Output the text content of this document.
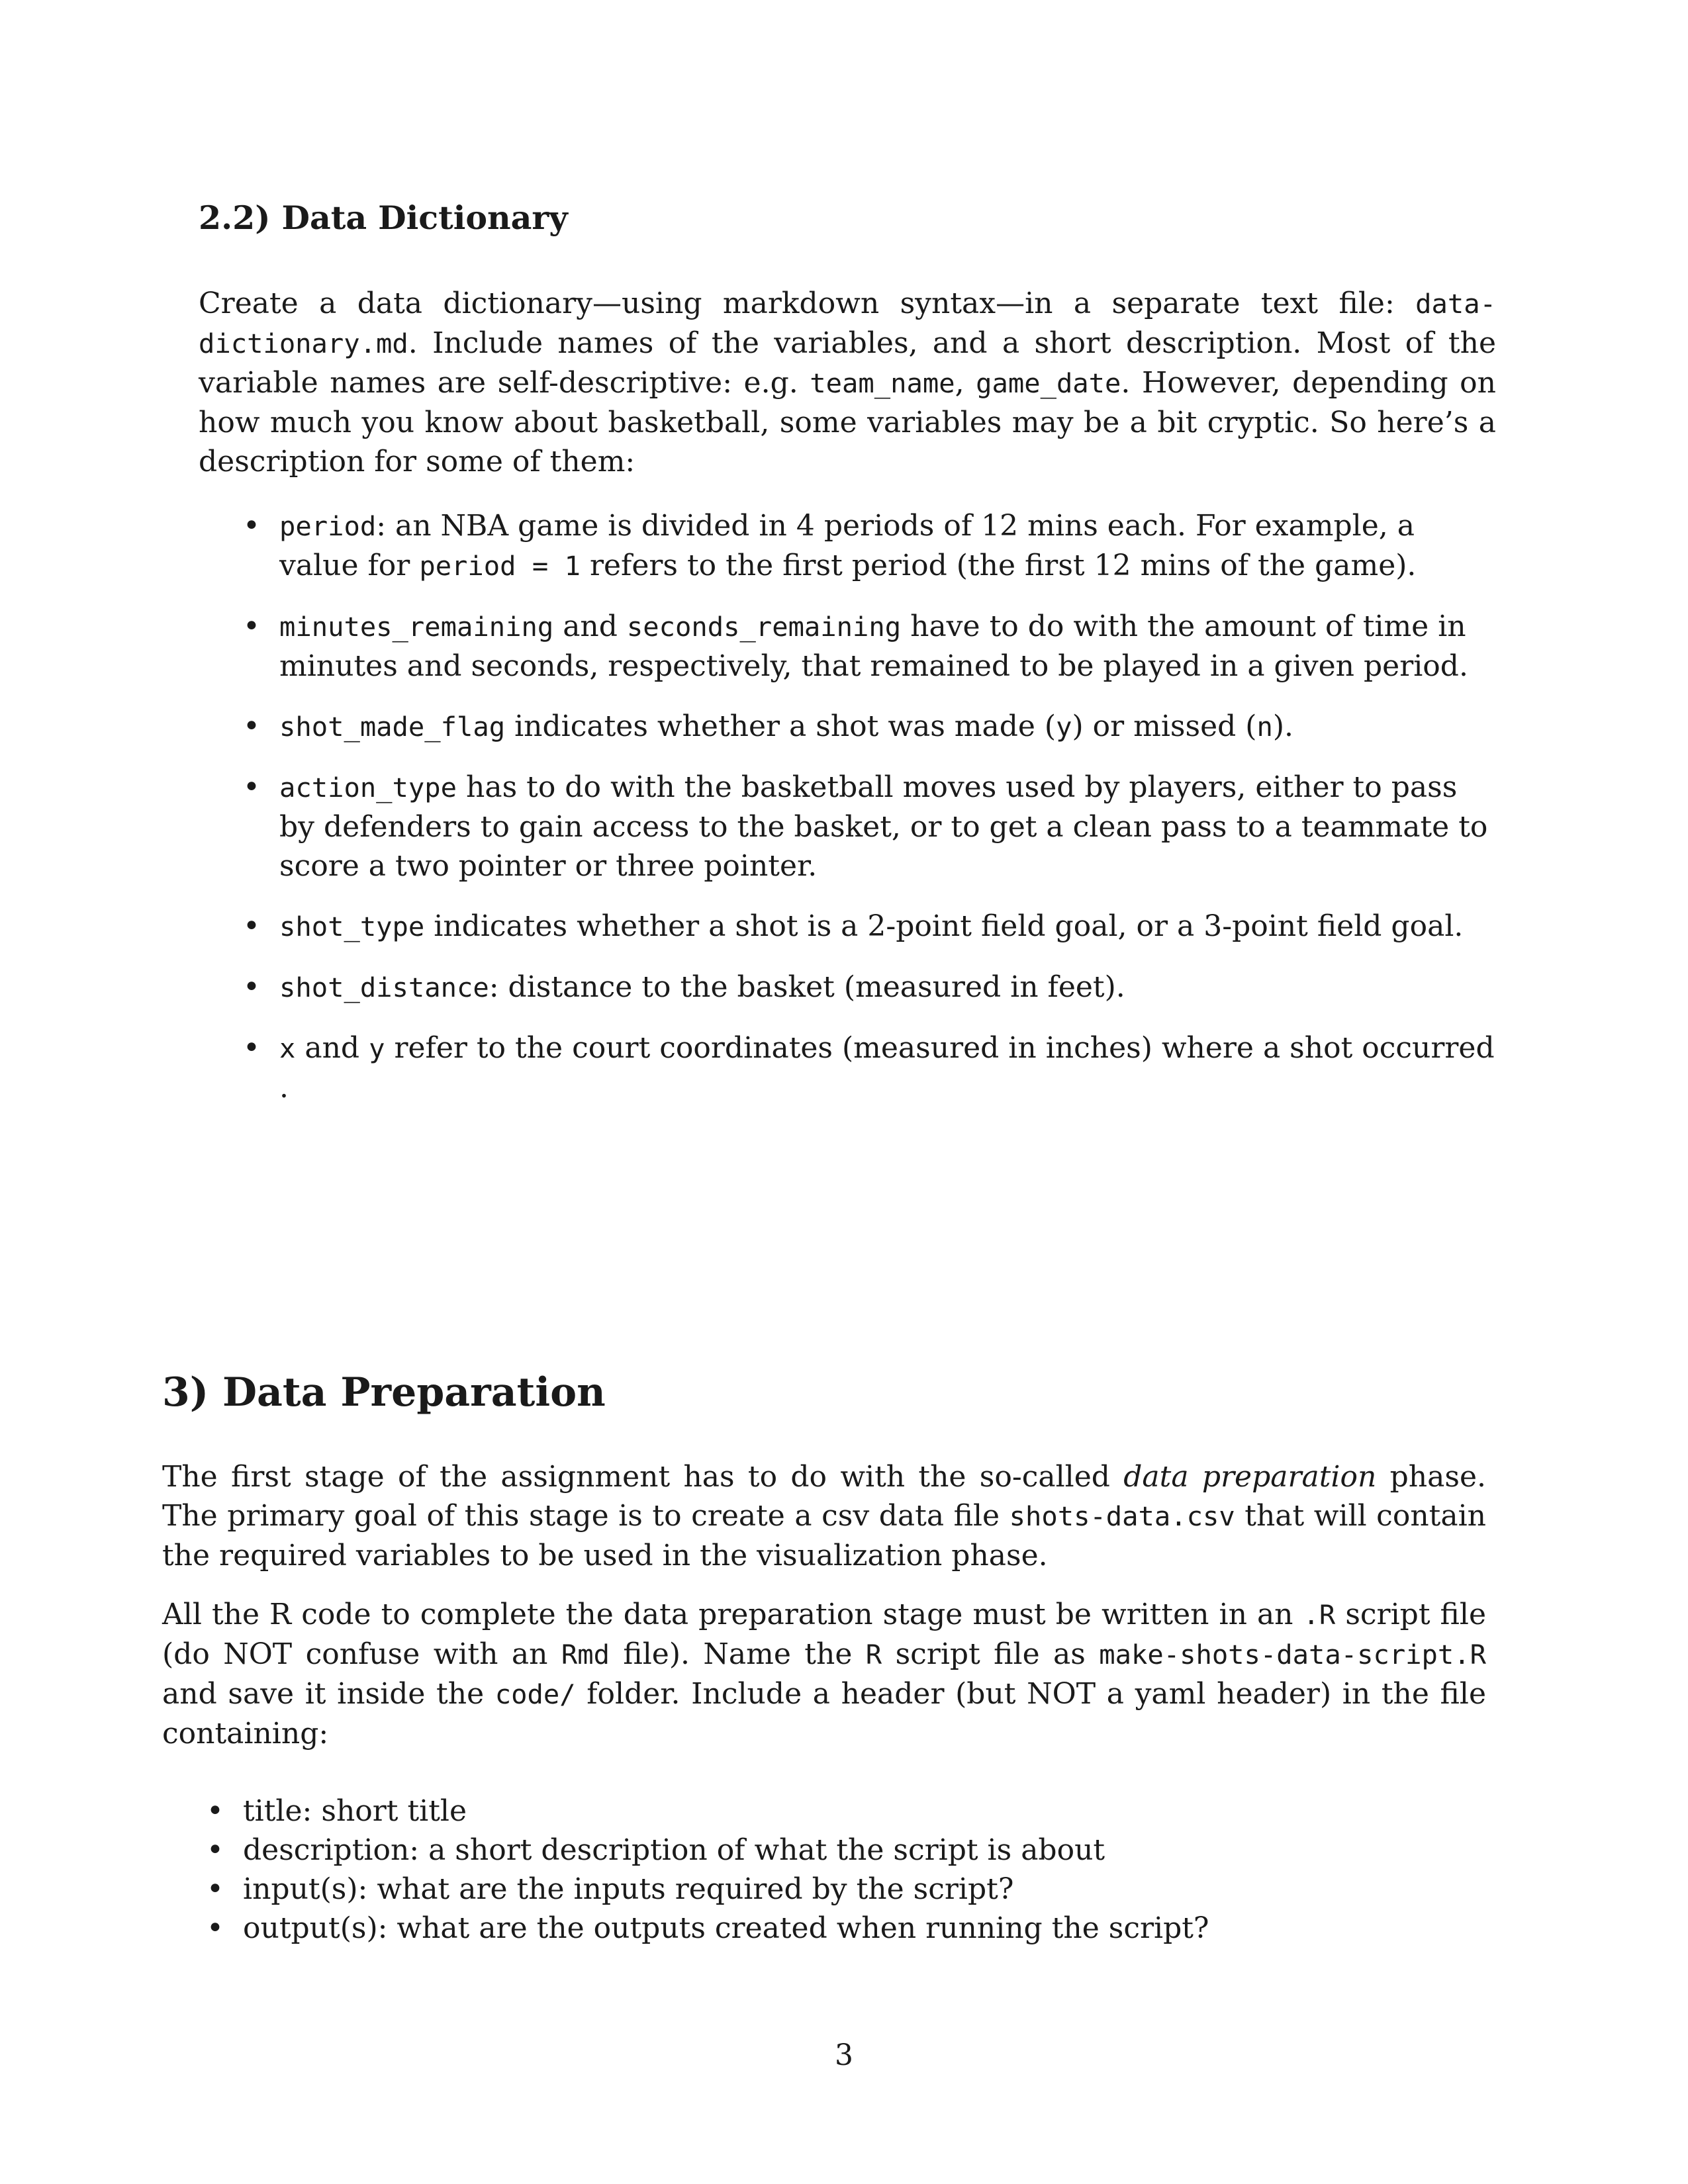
2.2) Data Dictionary

Create a data dictionary—using markdown syntax—in a separate text file: data-dictionary.md. Include names of the variables, and a short description. Most of the variable names are self-descriptive: e.g. team_name, game_date. However, depending on how much you know about basketball, some variables may be a bit cryptic. So here’s a description for some of them:

• period: an NBA game is divided in 4 periods of 12 mins each. For example, a value for period = 1 refers to the first period (the first 12 mins of the game).
• minutes_remaining and seconds_remaining have to do with the amount of time in minutes and seconds, respectively, that remained to be played in a given period.
• shot_made_flag indicates whether a shot was made (y) or missed (n).
• action_type has to do with the basketball moves used by players, either to pass by defenders to gain access to the basket, or to get a clean pass to a teammate to score a two pointer or three pointer.
• shot_type indicates whether a shot is a 2-point field goal, or a 3-point field goal.
• shot_distance: distance to the basket (measured in feet).
• x and y refer to the court coordinates (measured in inches) where a shot occurred .
3) Data Preparation

The first stage of the assignment has to do with the so-called data preparation phase. The primary goal of this stage is to create a csv data file shots-data.csv that will contain the required variables to be used in the visualization phase.

All the R code to complete the data preparation stage must be written in an .R script file (do NOT confuse with an Rmd file). Name the R script file as make-shots-data-script.R and save it inside the code/ folder. Include a header (but NOT a yaml header) in the file containing:

• title: short title
• description: a short description of what the script is about
• input(s): what are the inputs required by the script?
• output(s): what are the outputs created when running the script?
3
